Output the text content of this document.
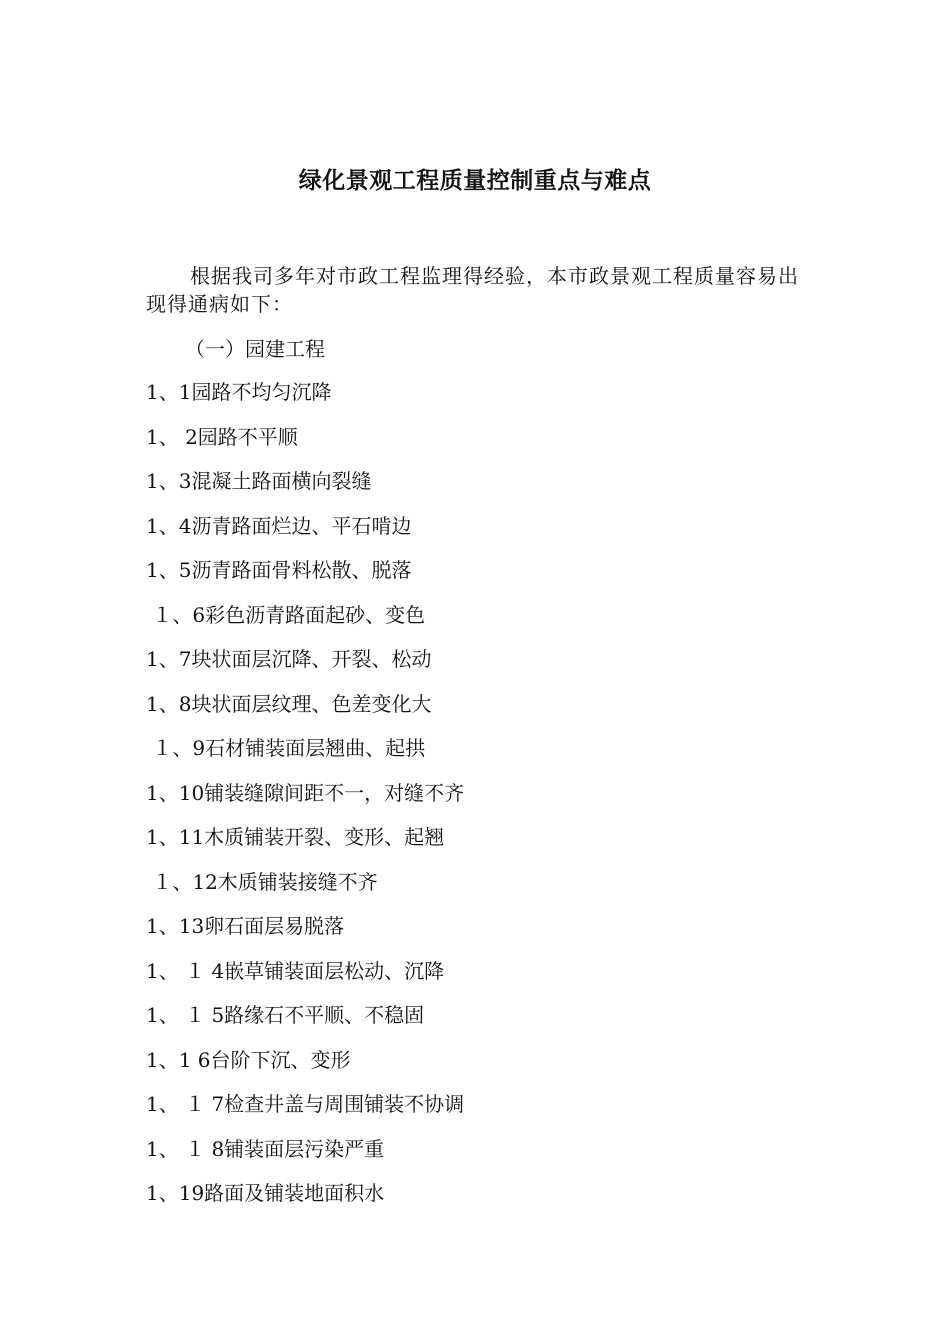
绿化景观工程质量控制重点与难点
根据我司多年对市政工程监理得经验，本市政景观工程质量容易出现得通病如下：
（一）园建工程
1、1园路不均匀沉降
1、 2园路不平顺
1、3混凝土路面横向裂缝
1、4沥青路面烂边、平石啃边
1、5沥青路面骨料松散、脱落
１、6彩色沥青路面起砂、变色
1、7块状面层沉降、开裂、松动
1、8块状面层纹理、色差变化大
１、9石材铺装面层翘曲、起拱
1、10铺装缝隙间距不一，对缝不齐
1、11木质铺装开裂、变形、起翘
１、12木质铺装接缝不齐
1、13卵石面层易脱落
1、 １ 4嵌草铺装面层松动、沉降
1、 １ 5路缘石不平顺、不稳固
1、1 6台阶下沉、变形
1、 １ 7检查井盖与周围铺装不协调
1、 １ 8铺装面层污染严重
1、19路面及铺装地面积水
